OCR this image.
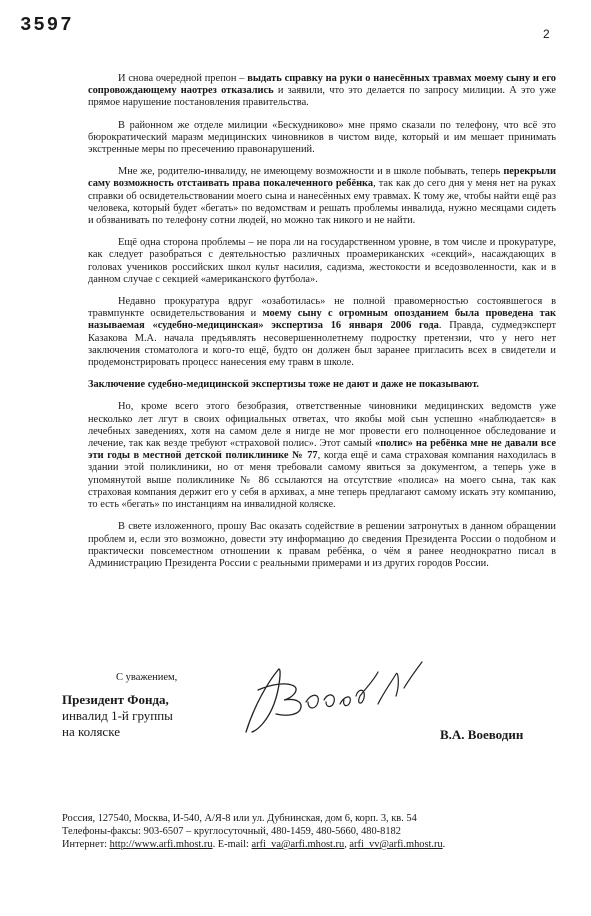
3597	2

И снова очередной препон – выдать справку на руки о нанесённых травмах моему сыну и его сопровождающему наотрез отказались и заявили, что это делается по запросу милиции. А это уже прямое нарушение постановления правительства.

В районном же отделе милиции «Бескудниково» мне прямо сказали по телефону, что всё это бюрократический маразм медицинских чиновников в чистом виде, который и им мешает принимать экстренные меры по пресечению правонарушений.

Мне же, родителю-инвалиду, не имеющему возможности и в школе побывать, теперь перекрыли саму возможность отстаивать права покалеченного ребёнка, так как до сего дня у меня нет на руках справки об освидетельствовании моего сына и нанесённых ему травмах. К тому же, чтобы найти ещё раз человека, который будет «бегать» по ведомствам и решать проблемы инвалида, нужно месяцами сидеть и обзванивать по телефону сотни людей, но можно так никого и не найти.

Ещё одна сторона проблемы – не пора ли на государственном уровне, в том числе и прокуратуре, как следует разобраться с деятельностью различных проамериканских «секций», насаждающих в головах учеников российских школ культ насилия, садизма, жестокости и вседозволенности, как и в данном случае с секцией «американского футбола».

Недавно прокуратура вдруг «озаботилась» не полной правомерностью состоявшегося в травмпункте освидетельствования и моему сыну с огромным опозданием была проведена так называемая «судебно-медицинская» экспертиза 16 января 2006 года. Правда, судмедэксперт Казакова М.А. начала предъявлять несовершеннолетнему подростку претензии, что у него нет заключения стоматолога и кого-то ещё, будто он должен был заранее пригласить всех в свидетели и продемонстрировать процесс нанесения ему травм в школе.

Заключение судебно-медицинской экспертизы тоже не дают и даже не показывают.

Но, кроме всего этого безобразия, ответственные чиновники медицинских ведомств уже несколько лет лгут в своих официальных ответах, что якобы мой сын успешно «наблюдается» в лечебных заведениях, хотя на самом деле я нигде не мог провести его полноценное обследование и лечение, так как везде требуют «страховой полис». Этот самый «полис» на ребёнка мне не давали все эти годы в местной детской поликлинике № 77, когда ещё и сама страховая компания находилась в здании этой поликлиники, но от меня требовали самому явиться за документом, а теперь уже в упомянутой выше поликлинике № 86 ссылаются на отсутствие «полиса» на моего сына, так как страховая компания держит его у себя в архивах, а мне теперь предлагают самому искать эту компанию, то есть «бегать» по инстанциям на инвалидной коляске.

В свете изложенного, прошу Вас оказать содействие в решении затронутых в данном обращении проблем и, если это возможно, довести эту информацию до сведения Президента России о подобном и практически повсеместном отношении к правам ребёнка, о чём я ранее неоднократно писал в Администрацию Президента России с реальными примерами и из других городов России.

С уважением,
Президент Фонда,
инвалид 1-й группы
на коляске	В.А. Воеводин
Россия, 127540, Москва, И-540, А/Я-8 или ул. Дубнинская, дом 6, корп. 3, кв. 54
Телефоны-факсы: 903-6507 – круглосуточный, 480-1459, 480-5660, 480-8182
Интернет: http://www.arfi.mhost.ru. E-mail: arfi_va@arfi.mhost.ru, arfi_vv@arfi.mhost.ru.
